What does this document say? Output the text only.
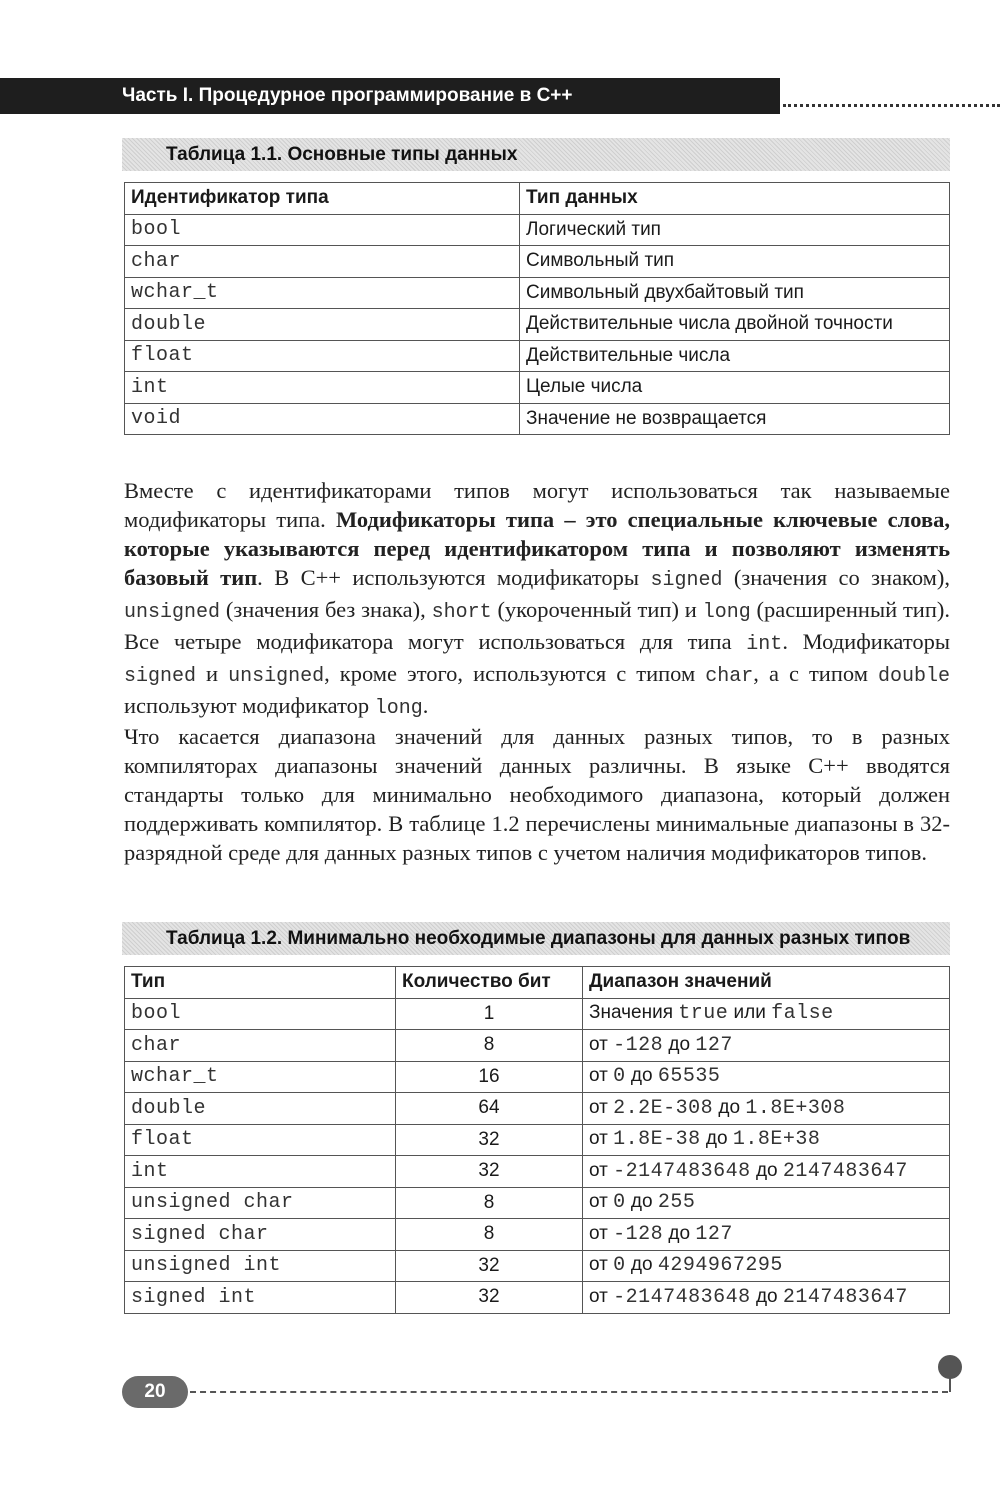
Часть I. Процедурное программирование в C++
Таблица 1.1. Основные типы данных
Идентификатор типа	Тип данных
bool	Логический тип
char	Символьный тип
wchar_t	Символьный двухбайтовый тип
double	Действительные числа двойной точности
float	Действительные числа
int	Целые числа
void	Значение не возвращается
Вместе с идентификаторами типов могут использоваться так называемые модификаторы типа. Модификаторы типа – это специальные ключевые слова, которые указываются перед идентификатором типа и позволяют изменять базовый тип. В C++ используются модификаторы signed (значения со знаком), unsigned (значения без знака), short (укороченный тип) и long (расширенный тип). Все четыре модификатора могут использоваться для типа int. Модификаторы signed и unsigned, кроме этого, используются с типом char, а с типом double используют модификатор long.
Что касается диапазона значений для данных разных типов, то в разных компиляторах диапазоны значений данных различны. В языке C++ вводятся стандарты только для минимально необходимого диапазона, который должен поддерживать компилятор. В таблице 1.2 перечислены минимальные диапазоны в 32-разрядной среде для данных разных типов с учетом наличия модификаторов типов.
Таблица 1.2. Минимально необходимые диапазоны для данных разных типов
Тип	Количество бит	Диапазон значений
bool	1	Значения true или false
char	8	от -128 до 127
wchar_t	16	от 0 до 65535
double	64	от 2.2E-308 до 1.8E+308
float	32	от 1.8E-38 до 1.8E+38
int	32	от -2147483648 до 2147483647
unsigned char	8	от 0 до 255
signed char	8	от -128 до 127
unsigned int	32	от 0 до 4294967295
signed int	32	от -2147483648 до 2147483647
20
